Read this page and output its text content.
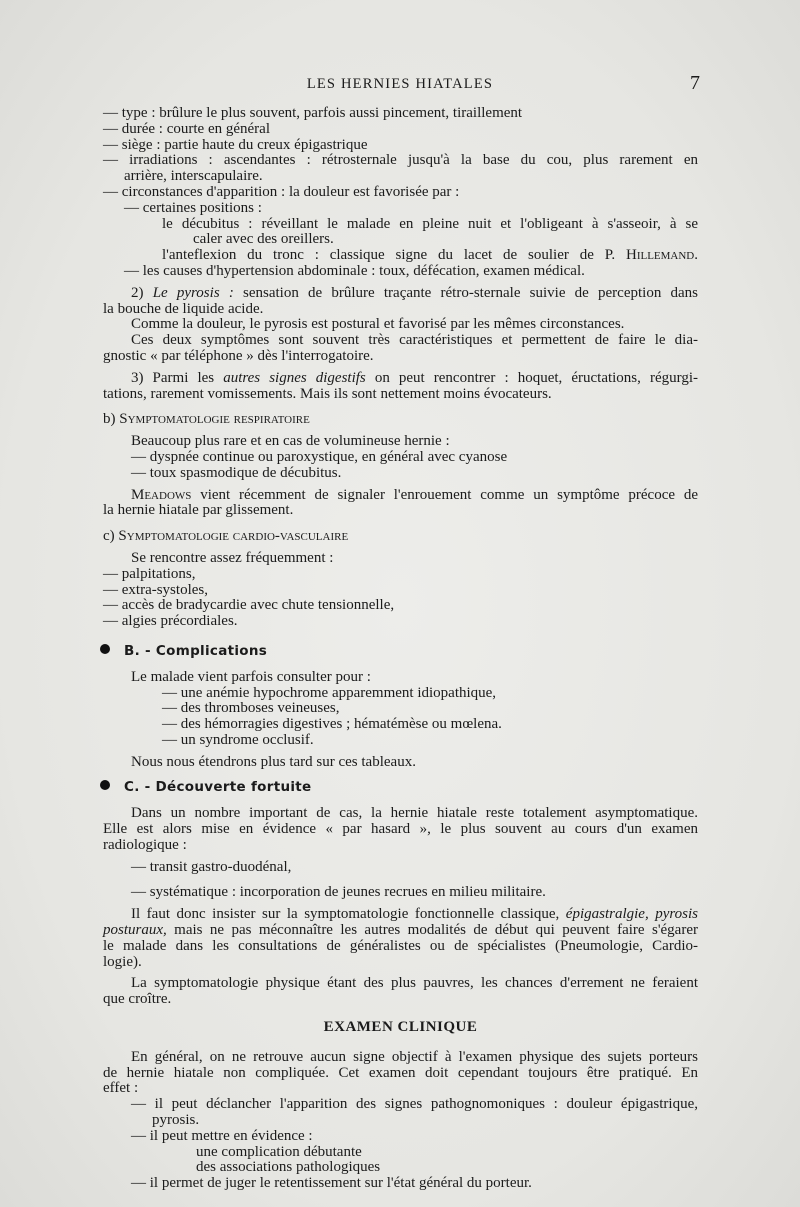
LES HERNIES HIATALES	7
— type : brûlure le plus souvent, parfois aussi pincement, tiraillement
— durée : courte en général
— siège : partie haute du creux épigastrique
— irradiations : ascendantes : rétrosternale jusqu'à la base du cou, plus rarement en
arrière, interscapulaire.
— circonstances d'apparition : la douleur est favorisée par :
— certaines positions :
le décubitus : réveillant le malade en pleine nuit et l'obligeant à s'asseoir, à se
caler avec des oreillers.
l'anteflexion du tronc : classique signe du lacet de soulier de P. Hillemand.
— les causes d'hypertension abdominale : toux, défécation, examen médical.
2) Le pyrosis : sensation de brûlure traçante rétro-sternale suivie de perception dans
la bouche de liquide acide.
Comme la douleur, le pyrosis est postural et favorisé par les mêmes circonstances.
Ces deux symptômes sont souvent très caractéristiques et permettent de faire le dia-
gnostic « par téléphone » dès l'interrogatoire.
3) Parmi les autres signes digestifs on peut rencontrer : hoquet, éructations, régurgi-
tations, rarement vomissements. Mais ils sont nettement moins évocateurs.
b) Symptomatologie respiratoire
Beaucoup plus rare et en cas de volumineuse hernie :
— dyspnée continue ou paroxystique, en général avec cyanose
— toux spasmodique de décubitus.
Meadows vient récemment de signaler l'enrouement comme un symptôme précoce de
la hernie hiatale par glissement.
c) Symptomatologie cardio-vasculaire
Se rencontre assez fréquemment :
— palpitations,
— extra-systoles,
— accès de bradycardie avec chute tensionnelle,
— algies précordiales.
B. - Complications
Le malade vient parfois consulter pour :
— une anémie hypochrome apparemment idiopathique,
— des thromboses veineuses,
— des hémorragies digestives ; hématémèse ou mœlena.
— un syndrome occlusif.
Nous nous étendrons plus tard sur ces tableaux.
C. - Découverte fortuite
Dans un nombre important de cas, la hernie hiatale reste totalement asymptomatique.
Elle est alors mise en évidence « par hasard », le plus souvent au cours d'un examen
radiologique :
— transit gastro-duodénal,
— systématique : incorporation de jeunes recrues en milieu militaire.
Il faut donc insister sur la symptomatologie fonctionnelle classique, épigastralgie, pyrosis
posturaux, mais ne pas méconnaître les autres modalités de début qui peuvent faire s'égarer
le malade dans les consultations de généralistes ou de spécialistes (Pneumologie, Cardio-
logie).
La symptomatologie physique étant des plus pauvres, les chances d'errement ne feraient
que croître.
EXAMEN CLINIQUE
En général, on ne retrouve aucun signe objectif à l'examen physique des sujets porteurs
de hernie hiatale non compliquée. Cet examen doit cependant toujours être pratiqué. En
effet :
— il peut déclancher l'apparition des signes pathognomoniques : douleur épigastrique,
pyrosis.
— il peut mettre en évidence :
une complication débutante
des associations pathologiques
— il permet de juger le retentissement sur l'état général du porteur.
